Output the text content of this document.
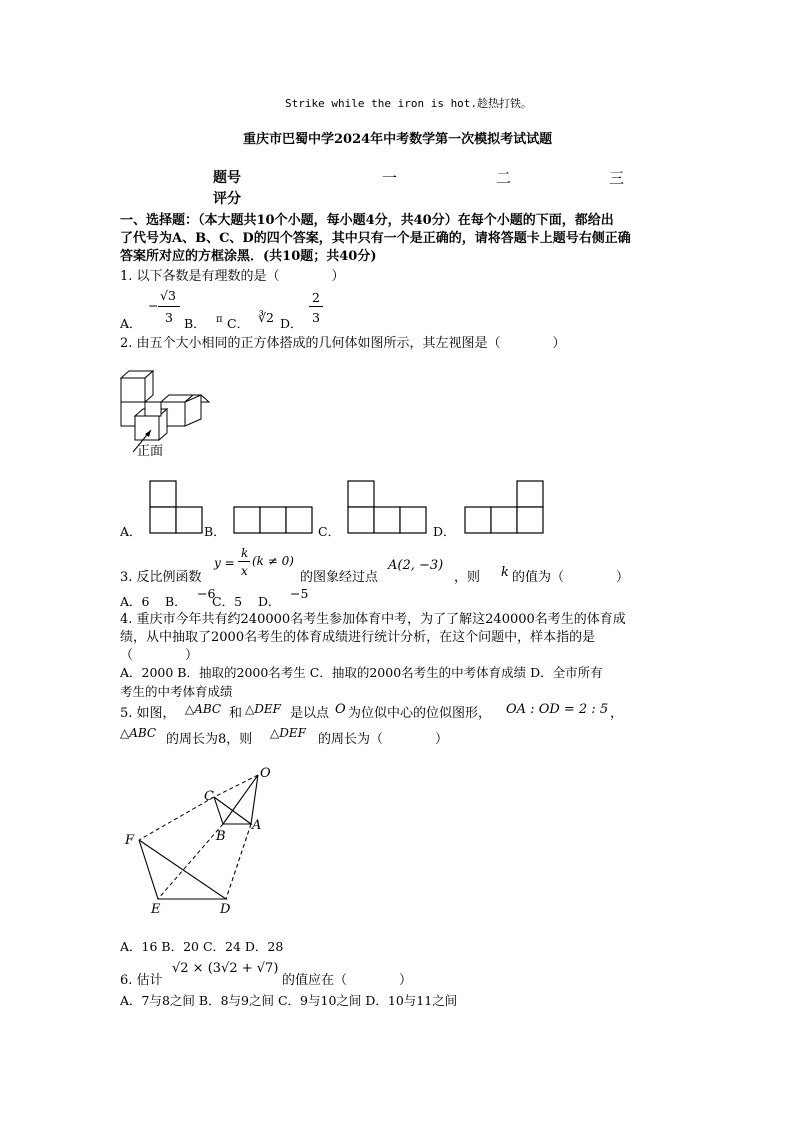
Strike while the iron is hot.趁热打铁。
重庆市巴蜀中学2024年中考数学第一次模拟考试试题
题号	一	二	三
评分
一、选择题：（本大题共10个小题，每小题4分，共40分）在每个小题的下面，都给出
了代号为A、B、C、D的四个答案，其中只有一个是正确的，请将答题卡上题号右侧正确
答案所对应的方框涂黑．(共10题；共40分)
1. 以下各数是有理数的是（　　　　）
A．
−
√3
3 B． π C． ∛2 D．
2
3
2. 由五个大小相同的正方体搭成的几何体如图所示，其左视图是（　　　　）
正面
A．	B．	C．	D．
3. 反比例函数
y =
k
x
(k ≠ 0)
的图象经过点
A(2, −3)
，则 k 的值为（　　　　）
A．6 B．
−6
C．5 D．
−5
4. 重庆市今年共有约240000名考生参加体育中考，为了了解这240000名考生的体育成
绩，从中抽取了2000名考生的体育成绩进行统计分析，在这个问题中，样本指的是
（　　　　）
A．2000 B．抽取的2000名考生 C．抽取的2000名考生的中考体育成绩 D．全市所有
考生的中考体育成绩
5. 如图， △ABC 和 △DEF 是以点 O 为位似中心的位似图形， OA : OD = 2 : 5 ，
△ABC 的周长为8，则 △DEF 的周长为（　　　　）
O
C
B
A
F
E	D
A．16 B．20 C．24 D．28
6. 估计
√2 × (3√2 + √7)
的值应在（　　　　）
A．7与8之间 B．8与9之间 C．9与10之间 D．10与11之间
